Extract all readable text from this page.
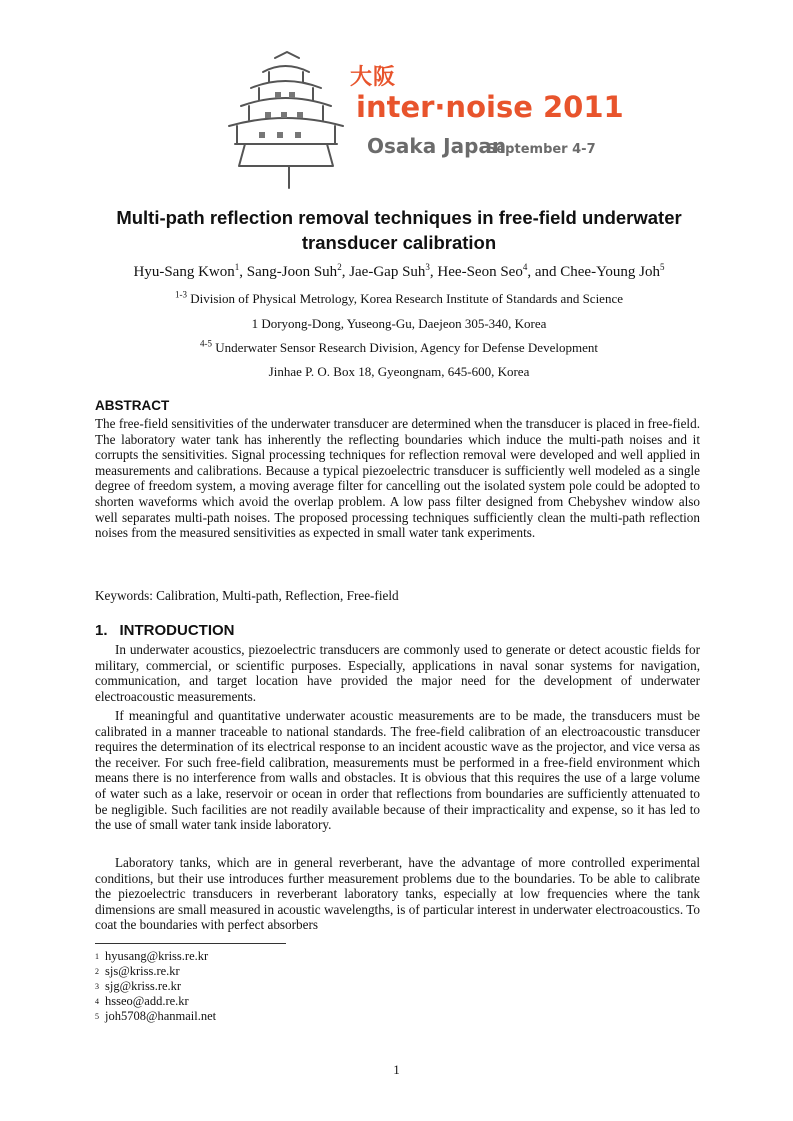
大阪
inter·noise 2011
Osaka Japan
September 4-7
Multi-path reflection removal techniques in free-field underwater transducer calibration
Hyu-Sang Kwon$^1$, Sang-Joon Suh$^2$, Jae-Gap Suh$^3$, Hee-Seon Seo$^4$, and Chee-Young Joh$^5$
$^{1-3}$ Division of Physical Metrology, Korea Research Institute of Standards and Science
1 Doryong-Dong, Yuseong-Gu, Daejeon 305-340, Korea
$^{4-5}$ Underwater Sensor Research Division, Agency for Defense Development
Jinhae P. O. Box 18, Gyeongnam, 645-600, Korea
ABSTRACT
The free-field sensitivities of the underwater transducer are determined when the transducer is placed in free-field. The laboratory water tank has inherently the reflecting boundaries which induce the multi-path noises and it corrupts the sensitivities. Signal processing techniques for reflection removal were developed and well applied in measurements and calibrations. Because a typical piezoelectric transducer is sufficiently well modeled as a single degree of freedom system, a moving average filter for cancelling out the isolated system pole could be adopted to shorten waveforms which avoid the overlap problem. A low pass filter designed from Chebyshev window also well separates multi-path noises. The proposed processing techniques sufficiently clean the multi-path reflection noises from the measured sensitivities as expected in small water tank experiments.
Keywords: Calibration, Multi-path, Reflection, Free-field
1. INTRODUCTION
In underwater acoustics, piezoelectric transducers are commonly used to generate or detect acoustic fields for military, commercial, or scientific purposes. Especially, applications in naval sonar systems for navigation, communication, and target location have provided the major need for the development of underwater electroacoustic measurements.
If meaningful and quantitative underwater acoustic measurements are to be made, the transducers must be calibrated in a manner traceable to national standards. The free-field calibration of an electroacoustic transducer requires the determination of its electrical response to an incident acoustic wave as the projector, and vice versa as the receiver. For such free-field calibration, measurements must be performed in a free-field environment which means there is no interference from walls and obstacles. It is obvious that this requires the use of a large volume of water such as a lake, reservoir or ocean in order that reflections from boundaries are sufficiently attenuated to be negligible. Such facilities are not readily available because of their impracticality and expense, so it has led to the use of small water tank inside laboratory.
Laboratory tanks, which are in general reverberant, have the advantage of more controlled experimental conditions, but their use introduces further measurement problems due to the boundaries. To be able to calibrate the piezoelectric transducers in reverberant laboratory tanks, especially at low frequencies where the tank dimensions are small measured in acoustic wavelengths, is of particular interest in underwater electroacoustics. To coat the boundaries with perfect absorbers
$^1$ hyusang@kriss.re.kr
$^2$ sjs@kriss.re.kr
$^3$ sjg@kriss.re.kr
$^4$ hsseo@add.re.kr
$^5$ joh5708@hanmail.net
1
